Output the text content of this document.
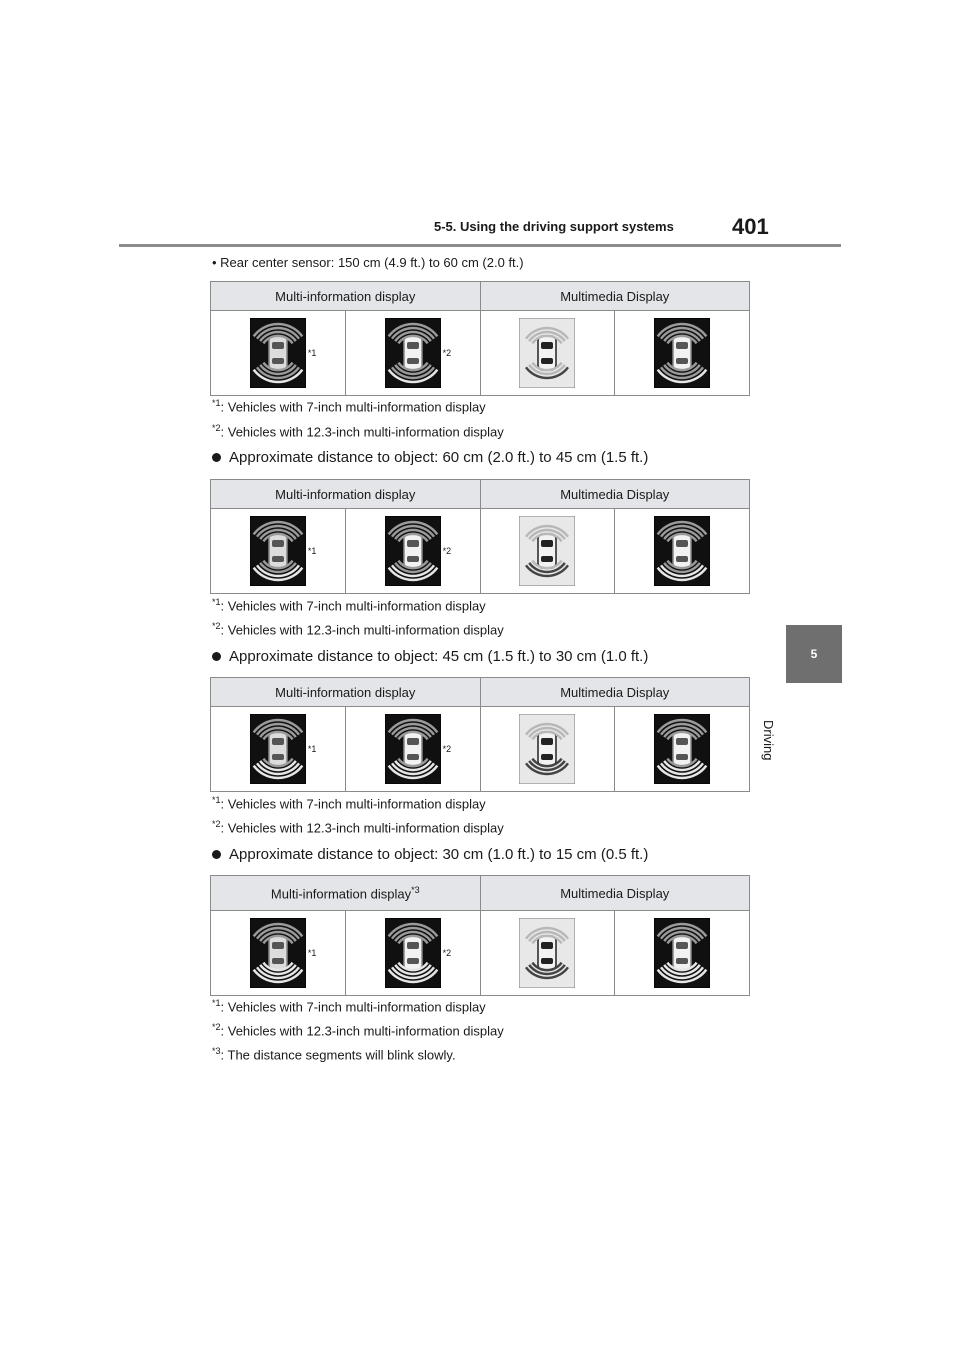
5-5. Using the driving support systems	401
5
Driving
• Rear center sensor: 150 cm (4.9 ft.) to 60 cm (2.0 ft.)
Multi-information display		Multimedia Display	

*1	*2

$^{*1}$: Vehicles with 7-inch multi-information display
$^{*2}$: Vehicles with 12.3-inch multi-information display
Approximate distance to object: 60 cm (2.0 ft.) to 45 cm (1.5 ft.)
Multi-information display		Multimedia Display	

*1	*2

$^{*1}$: Vehicles with 7-inch multi-information display
$^{*2}$: Vehicles with 12.3-inch multi-information display
Approximate distance to object: 45 cm (1.5 ft.) to 30 cm (1.0 ft.)
Multi-information display		Multimedia Display	

*1	*2

$^{*1}$: Vehicles with 7-inch multi-information display
$^{*2}$: Vehicles with 12.3-inch multi-information display
Approximate distance to object: 30 cm (1.0 ft.) to 15 cm (0.5 ft.)
Multi-information display$^{*3}$		Multimedia Display	

*1	*2

$^{*1}$: Vehicles with 7-inch multi-information display
$^{*2}$: Vehicles with 12.3-inch multi-information display
$^{*3}$: The distance segments will blink slowly.
